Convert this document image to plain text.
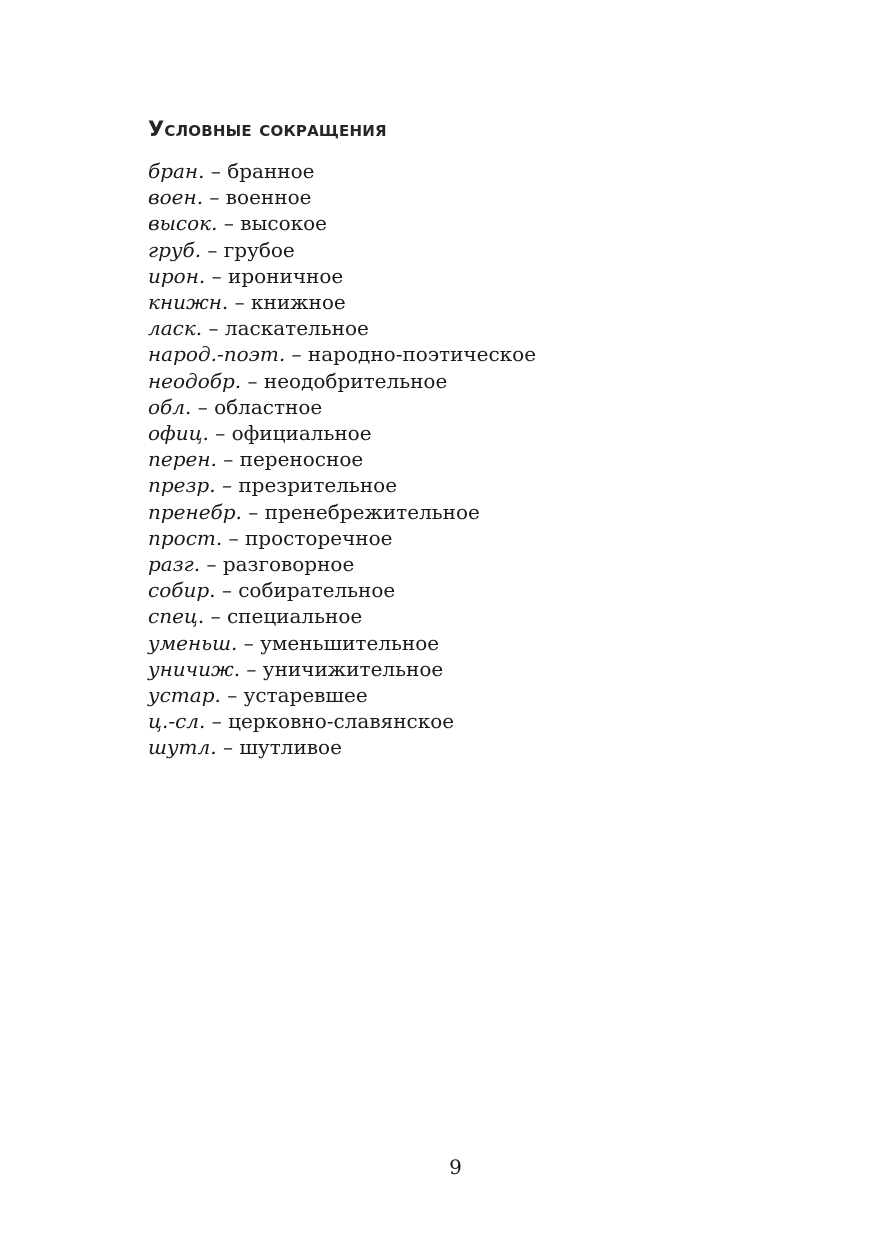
Условные сокращения
бран. – бранное
воен. – военное
высок. – высокое
груб. – грубое
ирон. – ироничное
книжн. – книжное
ласк. – ласкательное
народ.-поэт. – народно-поэтическое
неодобр. – неодобрительное
обл. – областное
офиц. – официальное
перен. – переносное
презр. – презрительное
пренебр. – пренебрежительное
прост. – просторечное
разг. – разговорное
собир. – собирательное
спец. – специальное
уменьш. – уменьшительное
уничиж. – уничижительное
устар. – устаревшее
ц.-сл. – церковно-славянское
шутл. – шутливое
9
